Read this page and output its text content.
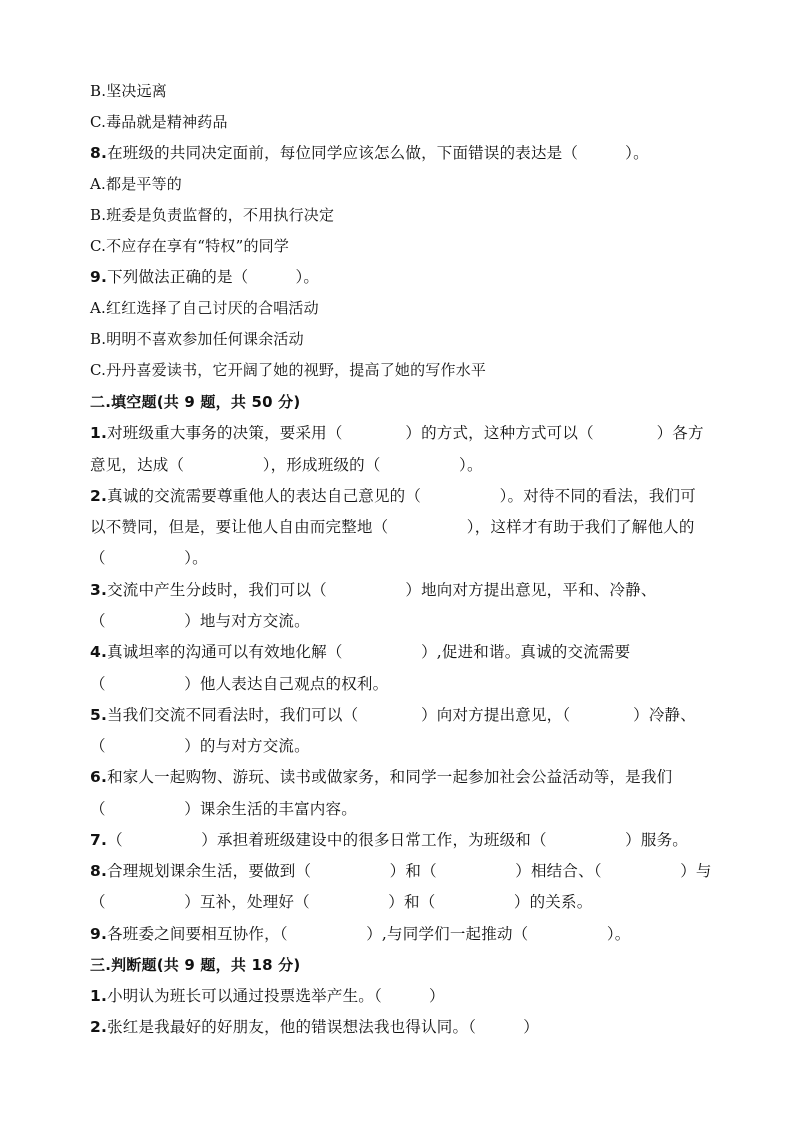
B.坚决远离
C.毒品就是精神药品
8.在班级的共同决定面前，每位同学应该怎么做，下面错误的表达是（　　　）。
A.都是平等的
B.班委是负责监督的，不用执行决定
C.不应存在享有“特权”的同学
9.下列做法正确的是（　　　）。
A.红红选择了自己讨厌的合唱活动
B.明明不喜欢参加任何课余活动
C.丹丹喜爱读书，它开阔了她的视野，提高了她的写作水平
二.填空题(共 9 题，共 50 分)
1.对班级重大事务的决策，要采用（　　　　）的方式，这种方式可以（　　　　）各方
意见，达成（　　　　　），形成班级的（　　　　　）。
2.真诚的交流需要尊重他人的表达自己意见的（　　　　　）。对待不同的看法，我们可
以不赞同，但是，要让他人自由而完整地（　　　　　），这样才有助于我们了解他人的
（　　　　　）。
3.交流中产生分歧时，我们可以（　　　　　）地向对方提出意见，平和、冷静、
（　　　　　）地与对方交流。
4.真诚坦率的沟通可以有效地化解（　　　　　）,促进和谐。真诚的交流需要
（　　　　　）他人表达自己观点的权利。
5.当我们交流不同看法时，我们可以（　　　　）向对方提出意见，（　　　　）冷静、
（　　　　　）的与对方交流。
6.和家人一起购物、游玩、读书或做家务，和同学一起参加社会公益活动等，是我们
（　　　　　）课余生活的丰富内容。
7.（　　　　　）承担着班级建设中的很多日常工作，为班级和（　　　　　）服务。
8.合理规划课余生活，要做到（　　　　　）和（　　　　　）相结合、（　　　　　）与
（　　　　　）互补，处理好（　　　　　）和（　　　　　）的关系。
9.各班委之间要相互协作，（　　　　　）,与同学们一起推动（　　　　　）。
三.判断题(共 9 题，共 18 分)
1.小明认为班长可以通过投票选举产生。（　　　）
2.张红是我最好的好朋友，他的错误想法我也得认同。（　　　）
